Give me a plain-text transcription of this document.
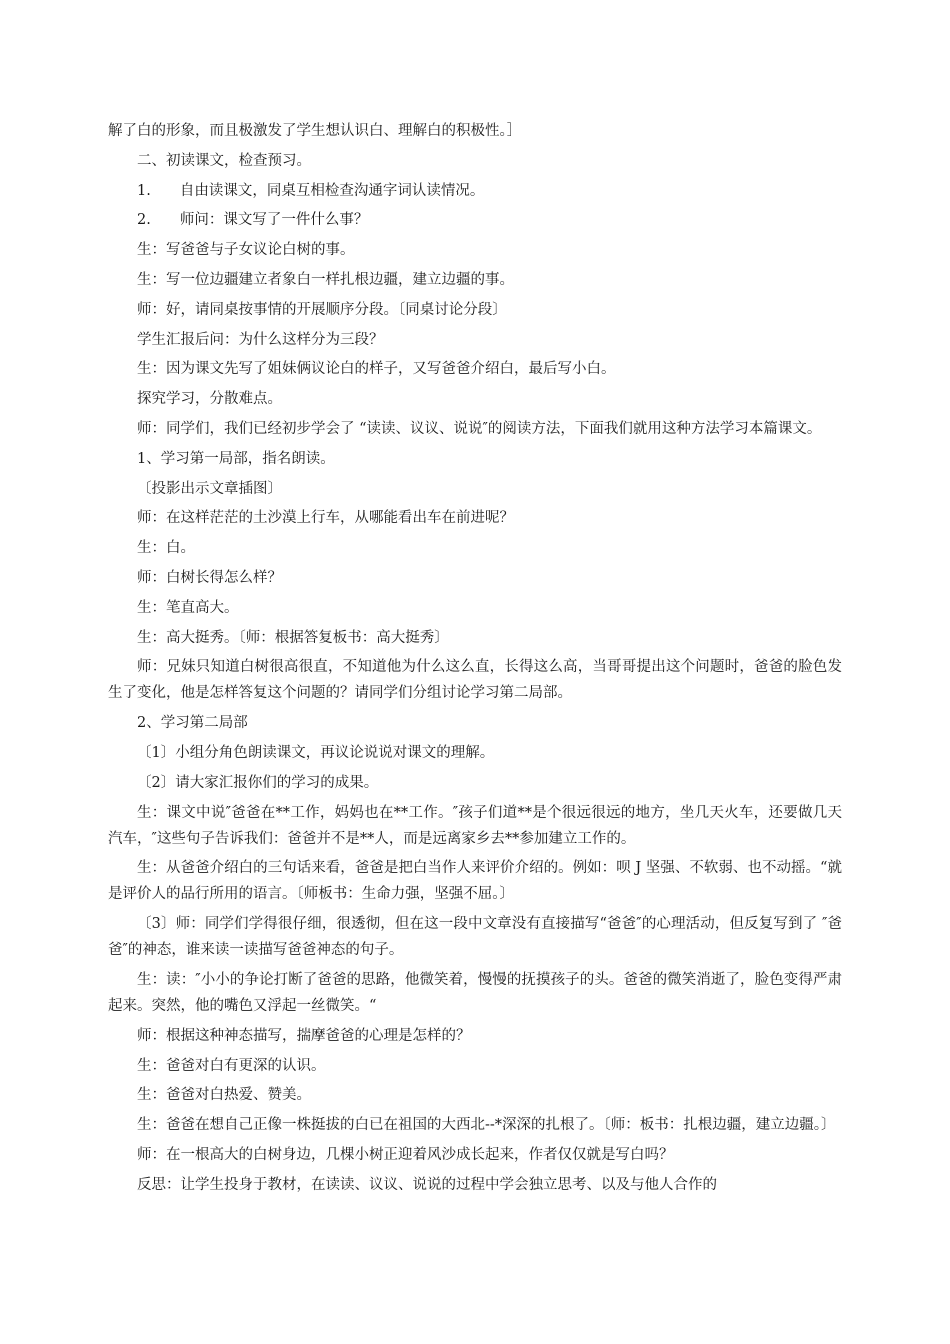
解了白的形象，而且极激发了学生想认识白、理解白的积极性。］

二、初读课文，检查预习。

1.　　自由读课文，同桌互相检查沟通字词认读情况。

2.　　师问：课文写了一件什么事？

生：写爸爸与子女议论白树的事。

生：写一位边疆建立者象白一样扎根边疆，建立边疆的事。

师：好，请同桌按事情的开展顺序分段。〔同桌讨论分段〕

学生汇报后问：为什么这样分为三段？

生：因为课文先写了姐妹俩议论白的样子，又写爸爸介绍白，最后写小白。

探究学习，分散难点。

师：同学们，我们已经初步学会了 “读读、议议、说说″的阅读方法，下面我们就用这种方法学习本篇课文。

1、学习第一局部，指名朗读。

〔投影出示文章插图〕

师：在这样茫茫的土沙漠上行车，从哪能看出车在前进呢？

生：白。

师：白树长得怎么样？

生：笔直高大。

生：高大挺秀。〔师：根据答复板书：高大挺秀〕

师：兄妹只知道白树很高很直，不知道他为什么这么直，长得这么高，当哥哥提出这个问题时，爸爸的脸色发生了变化，他是怎样答复这个问题的？请同学们分组讨论学习第二局部。

2、学习第二局部

〔1〕小组分角色朗读课文，再议论说说对课文的理解。

〔2〕请大家汇报你们的学习的成果。

生：课文中说″爸爸在**工作，妈妈也在**工作。″孩子们道**是个很远很远的地方，坐几天火车，还要做几天汽车，″这些句子告诉我们：爸爸并不是**人，而是远离家乡去**参加建立工作的。

生：从爸爸介绍白的三句话来看，爸爸是把白当作人来评价介绍的。例如：呗 J 坚强、不软弱、也不动摇。“就是评价人的品行所用的语言。〔师板书：生命力强，坚强不屈。〕

〔3〕师：同学们学得很仔细，很透彻，但在这一段中文章没有直接描写“爸爸″的心理活动，但反复写到了 ″爸爸″的神态，谁来读一读描写爸爸神态的句子。

生：读：″小小的争论打断了爸爸的思路，他微笑着，慢慢的抚摸孩子的头。爸爸的微笑消逝了，脸色变得严肃起来。突然，他的嘴色又浮起一丝微笑。“

师：根据这种神态描写，揣摩爸爸的心理是怎样的？

生：爸爸对白有更深的认识。

生：爸爸对白热爱、赞美。

生：爸爸在想自己正像一株挺拔的白已在祖国的大西北--*深深的扎根了。〔师：板书：扎根边疆，建立边疆。〕

师：在一根高大的白树身边，几棵小树正迎着风沙成长起来，作者仅仅就是写白吗？

反思：让学生投身于教材，在读读、议议、说说的过程中学会独立思考、以及与他人合作的
